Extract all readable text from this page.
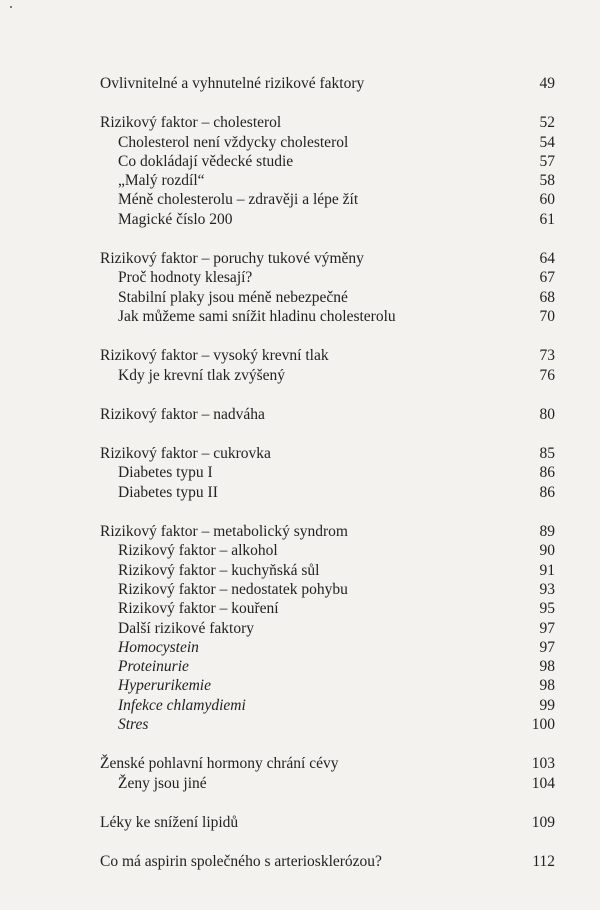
Ovlivnitelné a vyhnutelné rizikové faktory	49
Rizikový faktor – cholesterol	52
Cholesterol není vždycky cholesterol	54
Co dokládají vědecké studie	57
„Malý rozdíl“	58
Méně cholesterolu – zdravěji a lépe žít	60
Magické číslo 200	61
Rizikový faktor – poruchy tukové výměny	64
Proč hodnoty klesají?	67
Stabilní plaky jsou méně nebezpečné	68
Jak můžeme sami snížit hladinu cholesterolu	70
Rizikový faktor – vysoký krevní tlak	73
Kdy je krevní tlak zvýšený	76
Rizikový faktor – nadváha	80
Rizikový faktor – cukrovka	85
Diabetes typu I	86
Diabetes typu II	86
Rizikový faktor – metabolický syndrom	89
Rizikový faktor – alkohol	90
Rizikový faktor – kuchyňská sůl	91
Rizikový faktor – nedostatek pohybu	93
Rizikový faktor – kouření	95
Další rizikové faktory	97
Homocystein	97
Proteinurie	98
Hyperurikemie	98
Infekce chlamydiemi	99
Stres	100
Ženské pohlavní hormony chrání cévy	103
Ženy jsou jiné	104
Léky ke snížení lipidů	109
Co má aspirin společného s arteriosklerózou?	112
